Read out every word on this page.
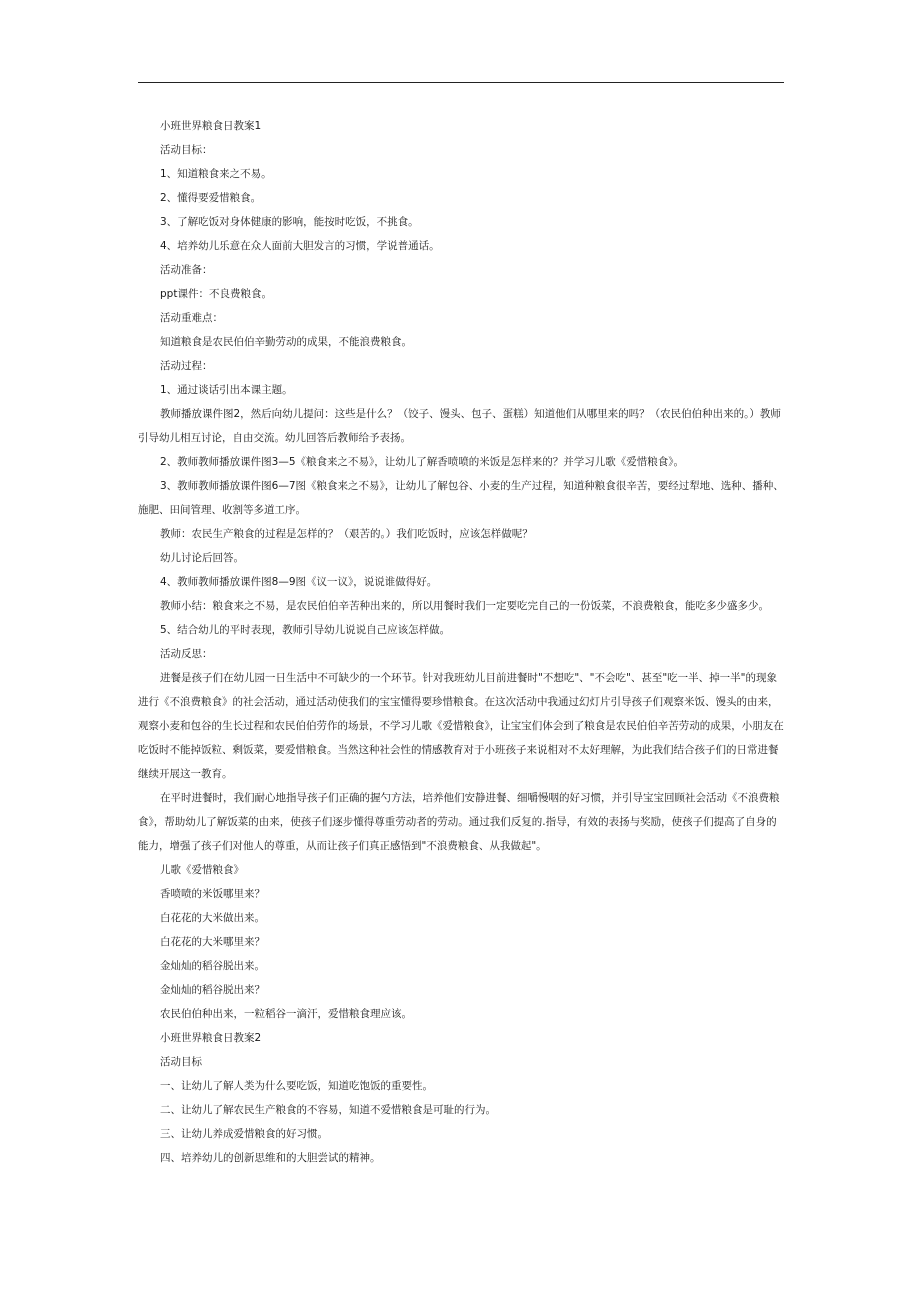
小班世界粮食日教案1

活动目标：

1、知道粮食来之不易。

2、懂得要爱惜粮食。

3、了解吃饭对身体健康的影响，能按时吃饭，不挑食。

4、培养幼儿乐意在众人面前大胆发言的习惯，学说普通话。

活动准备：

ppt课件：不良费粮食。

活动重难点：

知道粮食是农民伯伯辛勤劳动的成果，不能浪费粮食。

活动过程：

1、通过谈话引出本课主题。

教师播放课件图2，然后向幼儿提问：这些是什么？（饺子、馒头、包子、蛋糕）知道他们从哪里来的吗？（农民伯伯种出来的。）教师引导幼儿相互讨论，自由交流。幼儿回答后教师给予表扬。

2、教师教师播放课件图3—5《粮食来之不易》，让幼儿了解香喷喷的米饭是怎样来的？并学习儿歌《爱惜粮食》。

3、教师教师播放课件图6—7图《粮食来之不易》，让幼儿了解包谷、小麦的生产过程，知道种粮食很辛苦，要经过犁地、选种、播种、施肥、田间管理、收割等多道工序。

教师：农民生产粮食的过程是怎样的？（艰苦的。）我们吃饭时，应该怎样做呢？

幼儿讨论后回答。

4、教师教师播放课件图8—9图《议一议》，说说谁做得好。

教师小结：粮食来之不易，是农民伯伯辛苦种出来的，所以用餐时我们一定要吃完自己的一份饭菜，不浪费粮食，能吃多少盛多少。

5、结合幼儿的平时表现，教师引导幼儿说说自己应该怎样做。

活动反思：

进餐是孩子们在幼儿园一日生活中不可缺少的一个环节。针对我班幼儿目前进餐时"不想吃"、"不会吃"、甚至"吃一半、掉一半"的现象进行《不浪费粮食》的社会活动，通过活动使我们的宝宝懂得要珍惜粮食。在这次活动中我通过幻灯片引导孩子们观察米饭、馒头的由来，观察小麦和包谷的生长过程和农民伯伯劳作的场景，不学习儿歌《爱惜粮食》，让宝宝们体会到了粮食是农民伯伯辛苦劳动的成果，小朋友在吃饭时不能掉饭粒、剩饭菜，要爱惜粮食。当然这种社会性的情感教育对于小班孩子来说相对不太好理解，为此我们结合孩子们的日常进餐继续开展这一教育。

在平时进餐时，我们耐心地指导孩子们正确的握勺方法，培养他们安静进餐、细嚼慢咽的好习惯，并引导宝宝回顾社会活动《不浪费粮食》，帮助幼儿了解饭菜的由来，使孩子们逐步懂得尊重劳动者的劳动。通过我们反复的.指导，有效的表扬与奖励，使孩子们提高了自身的能力，增强了孩子们对他人的尊重，从而让孩子们真正感悟到"不浪费粮食、从我做起"。

儿歌《爱惜粮食》

香喷喷的米饭哪里来？

白花花的大米做出来。

白花花的大米哪里来？

金灿灿的稻谷脱出来。

金灿灿的稻谷脱出来？

农民伯伯种出来，一粒稻谷一滴汗，爱惜粮食理应该。

小班世界粮食日教案2

活动目标

一、让幼儿了解人类为什么要吃饭，知道吃饱饭的重要性。

二、让幼儿了解农民生产粮食的不容易，知道不爱惜粮食是可耻的行为。

三、让幼儿养成爱惜粮食的好习惯。

四、培养幼儿的创新思维和的大胆尝试的精神。
